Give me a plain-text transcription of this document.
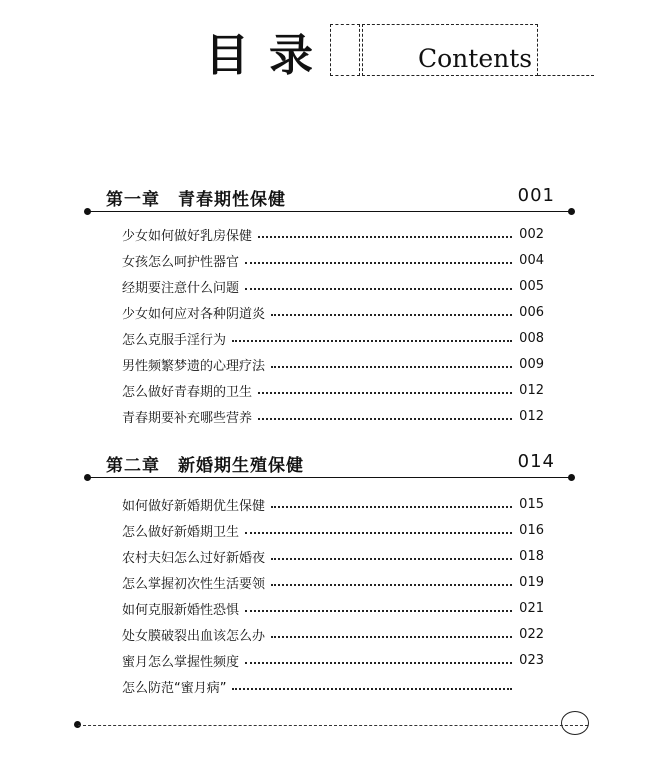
目录	Contents
第一章　青春期性保健	001
少女如何做好乳房保健	002
女孩怎么呵护性器官	004
经期要注意什么问题	005
少女如何应对各种阴道炎	006
怎么克服手淫行为	008
男性频繁梦遗的心理疗法	009
怎么做好青春期的卫生	012
青春期要补充哪些营养	012
第二章　新婚期生殖保健	014
如何做好新婚期优生保健	015
怎么做好新婚期卫生	016
农村夫妇怎么过好新婚夜	018
怎么掌握初次性生活要领	019
如何克服新婚性恐惧	021
处女膜破裂出血该怎么办	022
蜜月怎么掌握性频度	023
怎么防范“蜜月病”
